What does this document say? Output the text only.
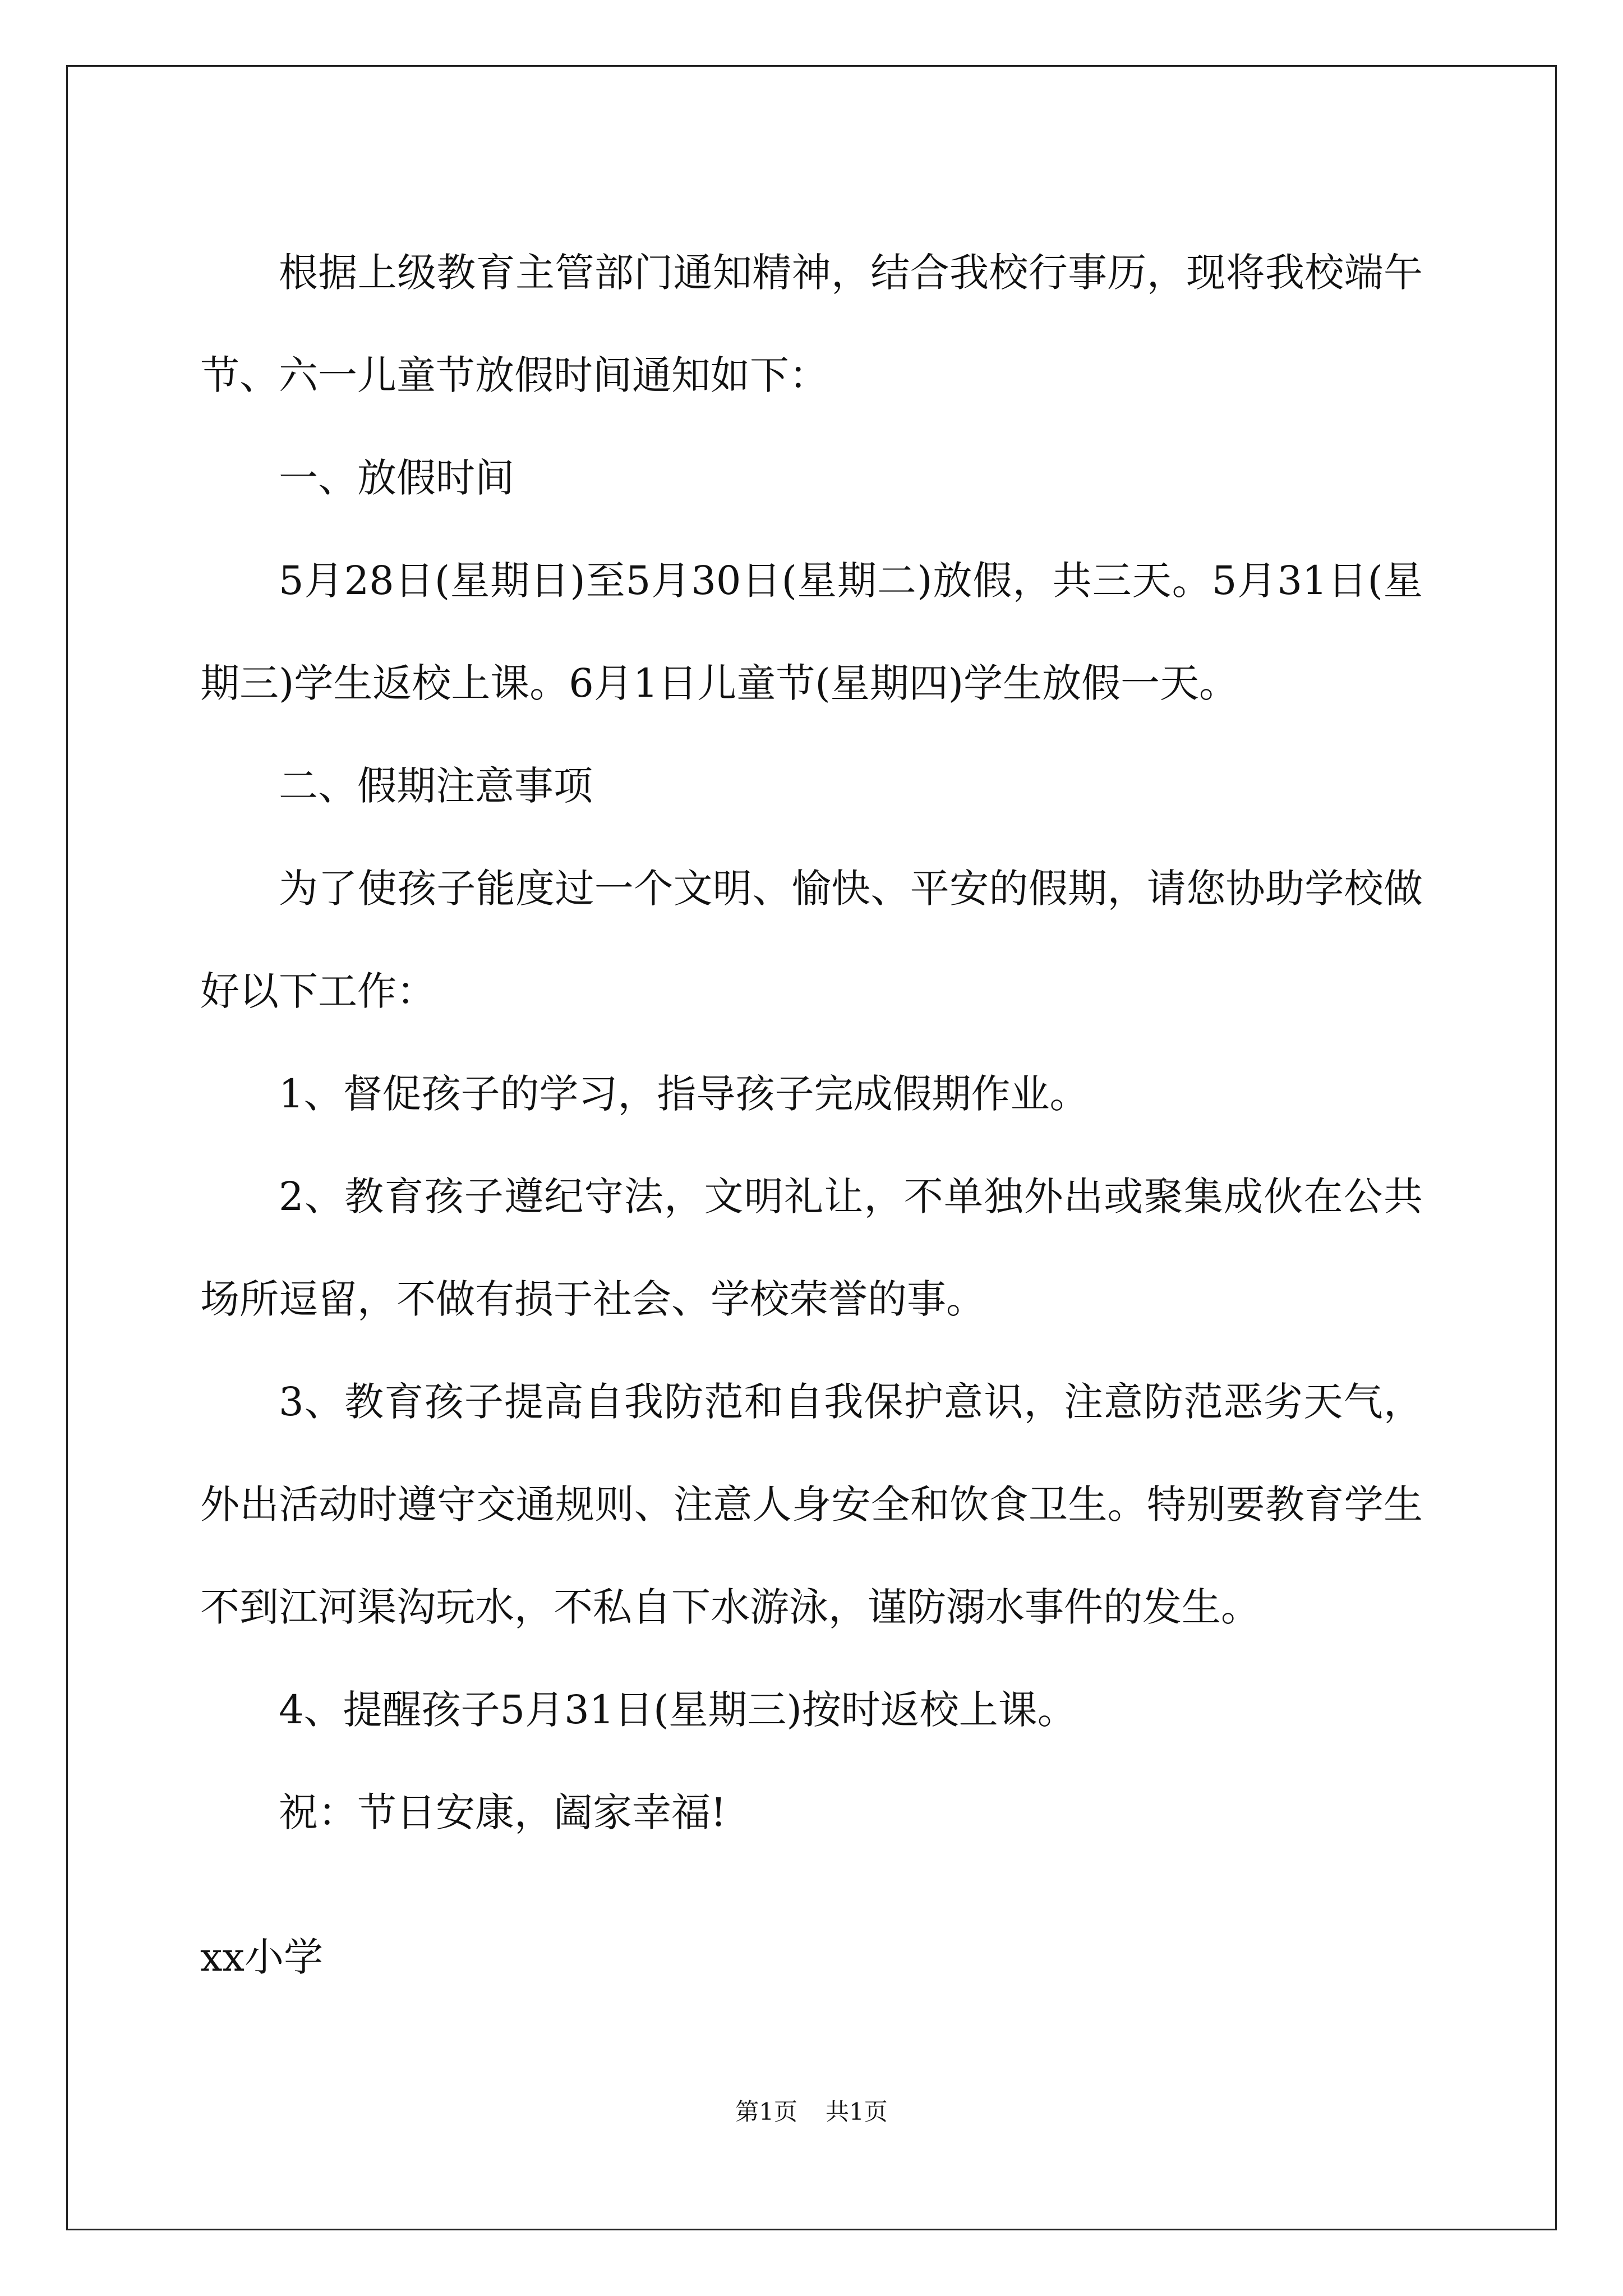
根据上级教育主管部门通知精神，结合我校行事历，现将我校端午节、六一儿童节放假时间通知如下：

一、放假时间

5月28日(星期日)至5月30日(星期二)放假，共三天。5月31日(星期三)学生返校上课。6月1日儿童节(星期四)学生放假一天。

二、假期注意事项

为了使孩子能度过一个文明、愉快、平安的假期，请您协助学校做好以下工作：

1、督促孩子的学习，指导孩子完成假期作业。

2、教育孩子遵纪守法，文明礼让，不单独外出或聚集成伙在公共场所逗留，不做有损于社会、学校荣誉的事。

3、教育孩子提高自我防范和自我保护意识，注意防范恶劣天气，外出活动时遵守交通规则、注意人身安全和饮食卫生。特别要教育学生不到江河渠沟玩水，不私自下水游泳，谨防溺水事件的发生。

4、提醒孩子5月31日(星期三)按时返校上课。

祝：节日安康，阖家幸福!

xx小学

第1页 共1页
